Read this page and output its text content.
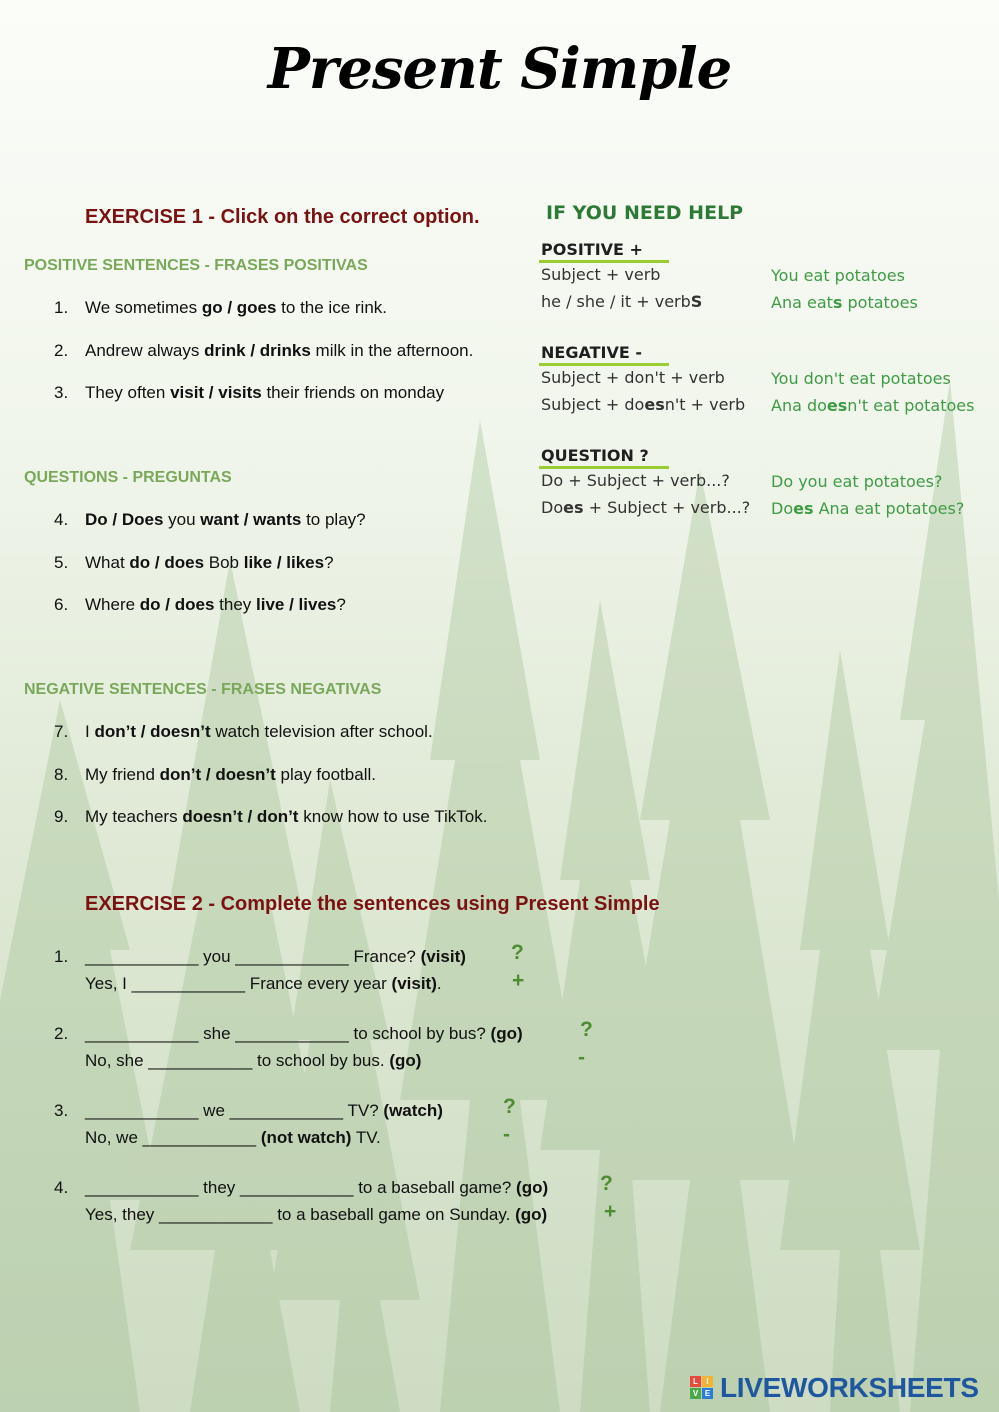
Present Simple
EXERCISE 1 - Click on the correct option.
POSITIVE SENTENCES - FRASES POSITIVAS
1. We sometimes go / goes to the ice rink.
2. Andrew always drink / drinks milk in the afternoon.
3. They often visit / visits their friends on monday
QUESTIONS - PREGUNTAS
4. Do / Does you want / wants to play?
5. What do / does Bob like / likes?
6. Where do / does they live / lives?
NEGATIVE SENTENCES - FRASES NEGATIVAS
7. I don’t / doesn’t watch television after school.
8. My friend don’t / doesn’t play football.
9. My teachers doesn’t / don’t know how to use TikTok.
IF YOU NEED HELP
POSITIVE +
Subject + verb	You eat potatoes
he / she / it + verbS	Ana eats potatoes
NEGATIVE -
Subject + don't + verb	You don't eat potatoes
Subject + doesn't + verb Ana doesn't eat potatoes
QUESTION ?
Do + Subject + verb...?	Do you eat potatoes?
Does + Subject + verb...? Does Ana eat potatoes?
EXERCISE 2 - Complete the sentences using Present Simple
1. ____________ you ____________ France? (visit) ?
Yes, I ____________ France every year (visit).	+
2. ____________ she ____________ to school by bus? (go)	?
No, she ___________ to school by bus. (go)	-
3. ____________ we ____________ TV? (watch)	?
No, we ____________ (not watch) TV.	-
4. ____________ they ____________ to a baseball game? (go) ?
Yes, they ____________ to a baseball game on Sunday. (go)	+
L	I
V E LIVEWORKSHEETS
